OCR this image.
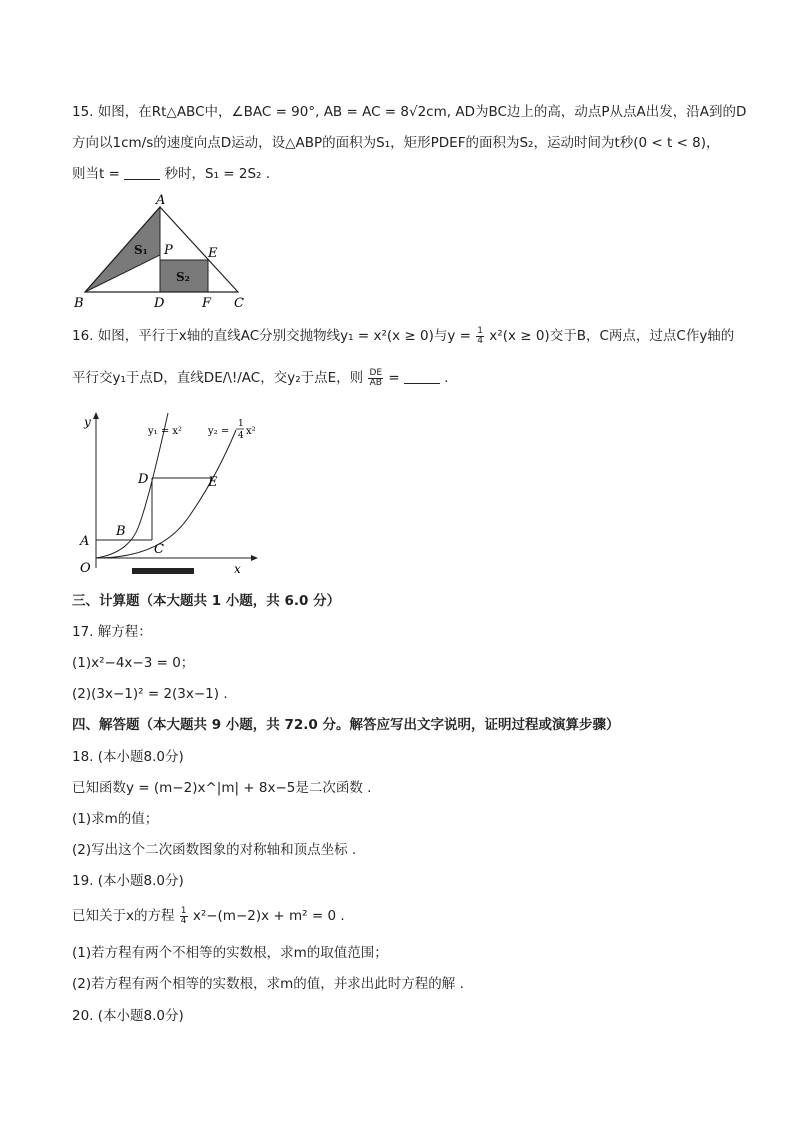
15. 如图，在Rt△ABC中，∠BAC = 90°, AB = AC = 8√2cm, AD为BC边上的高，动点P从点A出发，沿A到的D
方向以1cm/s的速度向点D运动，设△ABP的面积为S₁，矩形PDEF的面积为S₂，运动时间为t秒(0 < t < 8)，
则当t =	秒时，S₁ = 2S₂ .
A
B	C
D
E
F
P
S₁
S₂
16. 如图，平行于x轴的直线AC分别交抛物线y₁ = x²(x ≥ 0)与$y = \frac{1}{4} x^2(x \ge 0)$交于B，C两点，过点C作y轴的
平行交y₁于点D，直线DE/\!/AC，交y₂于点E，则 $\frac{DE}{AB}$ =	.
y
x
O
A
B
C
D	E
y₁ = x²	y₂ =
1
4 x²
三、计算题（本大题共 1 小题，共 6.0 分）
17. 解方程：
(1)x²−4x−3 = 0；
(2)(3x−1)² = 2(3x−1) .
四、解答题（本大题共 9 小题，共 72.0 分。解答应写出文字说明，证明过程或演算步骤）
18. (本小题8.0分)
已知函数y = (m−2)x^|m| + 8x−5是二次函数 .
(1)求m的值；
(2)写出这个二次函数图象的对称轴和顶点坐标 .
19. (本小题8.0分)
已知关于x的方程 $\frac{1}{4} x^2-(m-2)x + m^2 = 0$ .
(1)若方程有两个不相等的实数根，求m的取值范围；
(2)若方程有两个相等的实数根，求m的值，并求出此时方程的解 .
20. (本小题8.0分)
